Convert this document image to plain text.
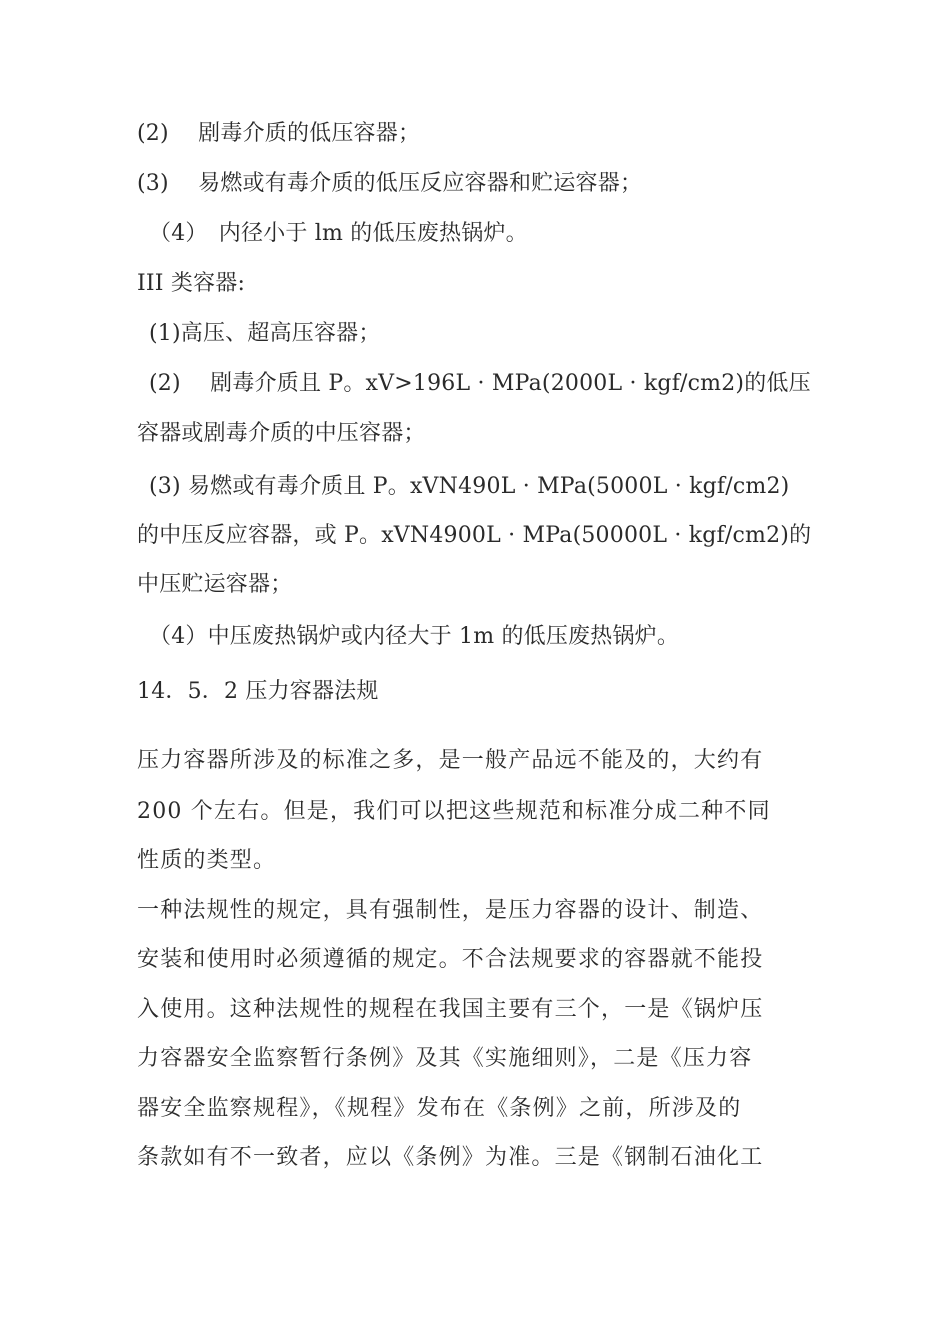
(2)　 剧毒介质的低压容器；
(3)　 易燃或有毒介质的低压反应容器和贮运容器；
（4）　内径小于 lm 的低压废热锅炉。
III 类容器:
(1)高压、超高压容器；
(2)　 剧毒介质且 P。xV>196L · MPa(2000L · kgf/cm2)的低压
容器或剧毒介质的中压容器；
(3) 易燃或有毒介质且 P。xVN490L · MPa(5000L · kgf/cm2)
的中压反应容器，或 P。xVN4900L · MPa(50000L · kgf/cm2)的
中压贮运容器；
（4）中压废热锅炉或内径大于 1m 的低压废热锅炉。
14．5．2 压力容器法规
压力容器所涉及的标准之多，是一般产品远不能及的，大约有
200 个左右。但是，我们可以把这些规范和标准分成二种不同
性质的类型。
一种法规性的规定，具有强制性，是压力容器的设计、制造、
安装和使用时必须遵循的规定。不合法规要求的容器就不能投
入使用。这种法规性的规程在我国主要有三个，一是《锅炉压
力容器安全监察暂行条例》及其《实施细则》，二是《压力容
器安全监察规程》，《规程》发布在《条例》之前，所涉及的
条款如有不一致者，应以《条例》为准。三是《钢制石油化工
